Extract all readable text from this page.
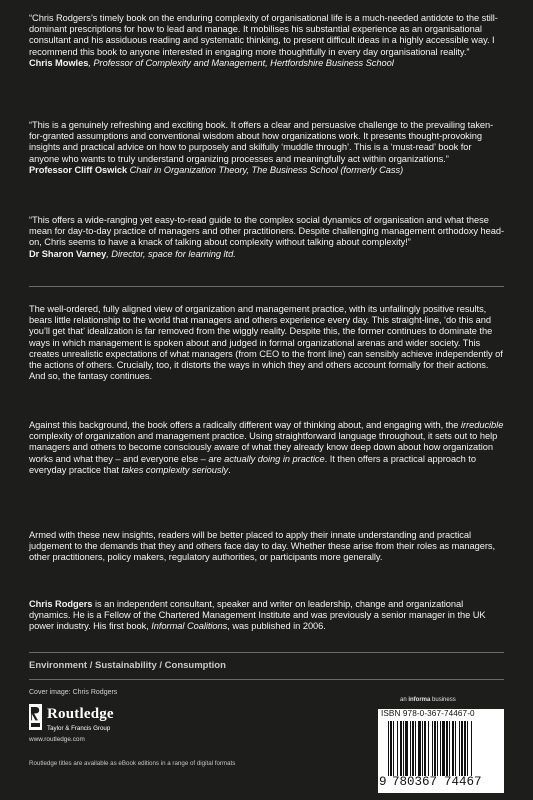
“Chris Rodgers’s timely book on the enduring complexity of organisational life is a much-needed antidote to the still-dominant prescriptions for how to lead and manage. It mobilises his substantial experience as an organisational consultant and his assiduous reading and systematic thinking, to present difficult ideas in a highly accessible way. I recommend this book to anyone interested in engaging more thoughtfully in every day organisational reality.”

Chris Mowles, Professor of Complexity and Management, Hertfordshire Business School

“This is a genuinely refreshing and exciting book. It offers a clear and persuasive challenge to the prevailing taken-for-granted assumptions and conventional wisdom about how organizations work. It presents thought-provoking insights and practical advice on how to purposely and skilfully ‘muddle through’. This is a ‘must-read’ book for anyone who wants to truly understand organizing processes and meaningfully act within organizations.”

Professor Cliff Oswick Chair in Organization Theory, The Business School (formerly Cass)

“This offers a wide-ranging yet easy-to-read guide to the complex social dynamics of organisation and what these mean for day-to-day practice of managers and other practitioners. Despite challenging management orthodoxy head-on, Chris seems to have a knack of talking about complexity without talking about complexity!”

Dr Sharon Varney, Director, space for learning ltd.

The well-ordered, fully aligned view of organization and management practice, with its unfailingly positive results, bears little relationship to the world that managers and others experience every day. This straight-line, ‘do this and you’ll get that’ idealization is far removed from the wiggly reality. Despite this, the former continues to dominate the ways in which management is spoken about and judged in formal organizational arenas and wider society. This creates unrealistic expectations of what managers (from CEO to the front line) can sensibly achieve independently of the actions of others. Crucially, too, it distorts the ways in which they and others account formally for their actions. And so, the fantasy continues.

Against this background, the book offers a radically different way of thinking about, and engaging with, the irreducible complexity of organization and management practice. Using straightforward language throughout, it sets out to help managers and others to become consciously aware of what they already know deep down about how organization works and what they – and everyone else – are actually doing in practice. It then offers a practical approach to everyday practice that takes complexity seriously.

Armed with these new insights, readers will be better placed to apply their innate understanding and practical judgement to the demands that they and others face day to day. Whether these arise from their roles as managers, other practitioners, policy makers, regulatory authorities, or participants more generally.

Chris Rodgers is an independent consultant, speaker and writer on leadership, change and organizational dynamics. He is a Fellow of the Chartered Management Institute and was previously a senior manager in the UK power industry. His first book, Informal Coalitions, was published in 2006.

Environment / Sustainability / Consumption
Cover image: Chris Rodgers
Routledge
Taylor & Francis Group
www.routledge.com
Routledge titles are available as eBook editions in a range of digital formats
an informa business
ISBN 978-0-367-74467-0
9 780367 74467
